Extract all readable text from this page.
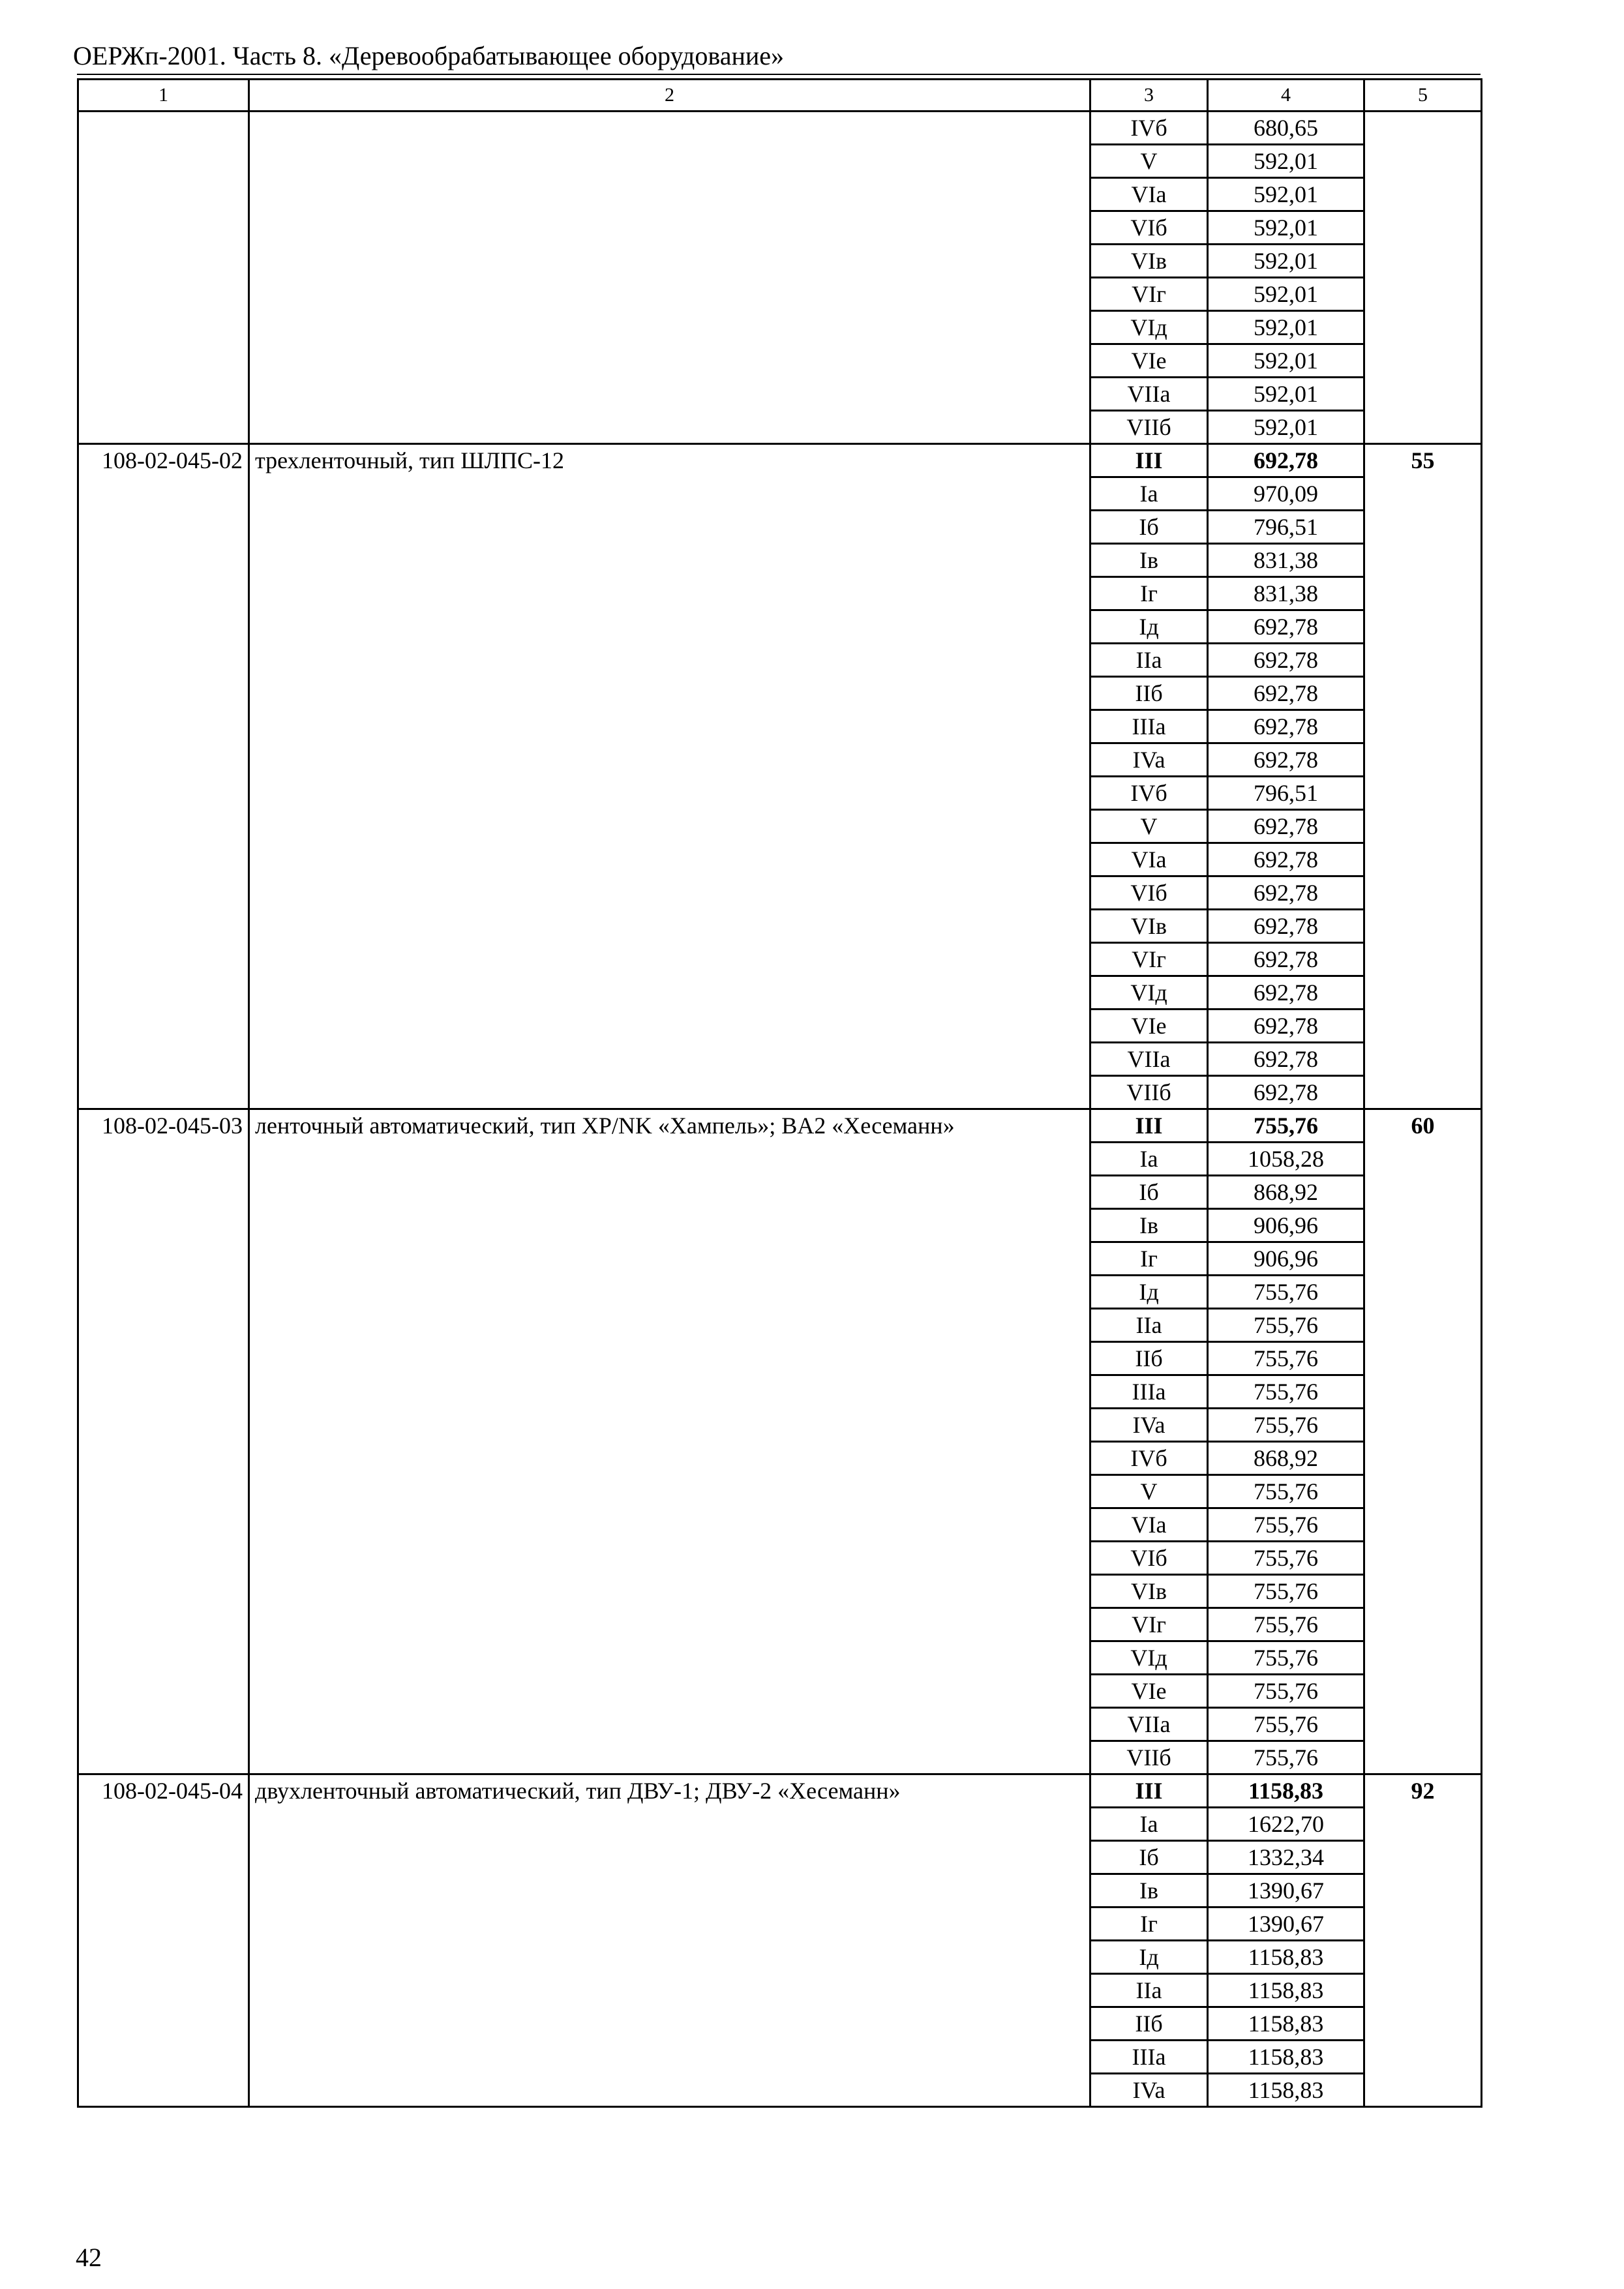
ОЕРЖп-2001. Часть 8. «Деревообрабатывающее оборудование»
1	2	3	4	5
		IVб	680,65	
		V	592,01	
		VIa	592,01	
		VIб	592,01	
		VIв	592,01	
		VIг	592,01	
		VIд	592,01	
		VIe	592,01	
		VIIa	592,01	
		VIIб	592,01	
108-02-045-02	трехленточный, тип ШЛПС-12	III	692,78	55
		Ia	970,09	
		Iб	796,51	
		Iв	831,38	
		Iг	831,38	
		Iд	692,78	
		IIa	692,78	
		IIб	692,78	
		IIIa	692,78	
		IVa	692,78	
		IVб	796,51	
		V	692,78	
		VIa	692,78	
		VIб	692,78	
		VIв	692,78	
		VIг	692,78	
		VIд	692,78	
		VIe	692,78	
		VIIa	692,78	
		VIIб	692,78	
108-02-045-03	ленточный автоматический, тип XP/NK «Хампель»; BA2 «Хесеманн»	III	755,76	60
		Ia	1058,28	
		Iб	868,92	
		Iв	906,96	
		Iг	906,96	
		Iд	755,76	
		IIa	755,76	
		IIб	755,76	
		IIIa	755,76	
		IVa	755,76	
		IVб	868,92	
		V	755,76	
		VIa	755,76	
		VIб	755,76	
		VIв	755,76	
		VIг	755,76	
		VIд	755,76	
		VIe	755,76	
		VIIa	755,76	
		VIIб	755,76	
108-02-045-04	двухленточный автоматический, тип ДВУ-1; ДВУ-2 «Хесеманн»	III	1158,83	92
		Ia	1622,70	
		Iб	1332,34	
		Iв	1390,67	
		Iг	1390,67	
		Iд	1158,83	
		IIa	1158,83	
		IIб	1158,83	
		IIIa	1158,83	
		IVa	1158,83	
42
